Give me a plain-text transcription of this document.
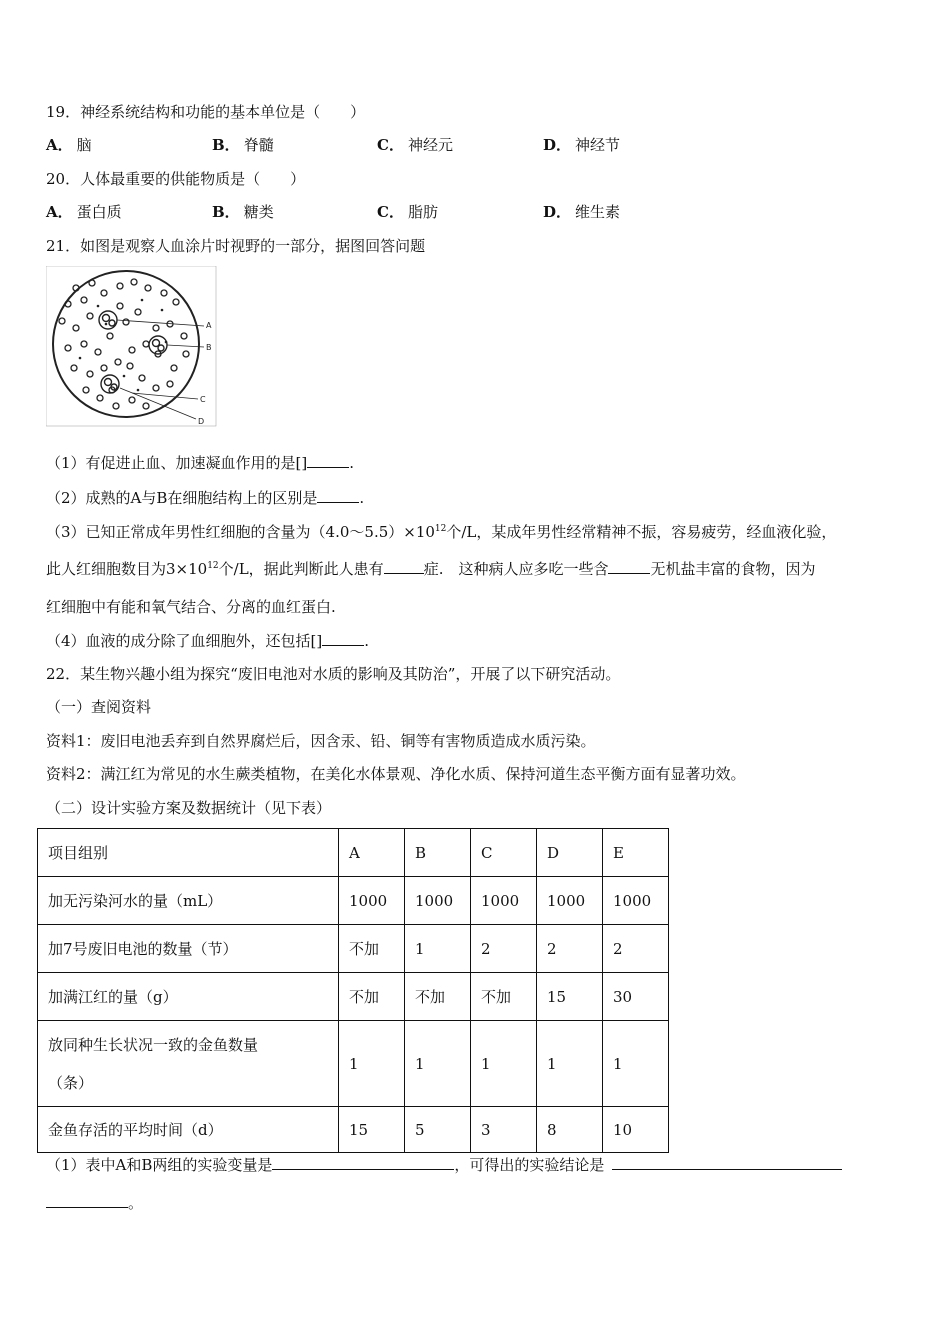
19．神经系统结构和功能的基本单位是（　　）
A． 脑	B． 脊髓	C． 神经元	D． 神经节
20．人体最重要的供能物质是（　　）
A． 蛋白质	B． 糖类	C． 脂肪	D． 维生素
21．如图是观察人血涂片时视野的一部分，据图回答问题
A
B
C
D
（1）有促进止血、加速凝血作用的是[]	.
（2）成熟的A与B在细胞结构上的区别是	.
（3）已知正常成年男性红细胞的含量为$(4.0\sim 5.5)\times 10^{12}$个/L，某成年男性经常精神不振，容易疲劳，经血液化验，
此人红细胞数目为$3\times 10^{12}$个/L，据此判断此人患有	症.　这种病人应多吃一些含	无机盐丰富的食物，因为
红细胞中有能和氧气结合、分离的血红蛋白.
（4）血液的成分除了血细胞外，还包括[]	.
22．某生物兴趣小组为探究“废旧电池对水质的影响及其防治”，开展了以下研究活动。
（一）查阅资料
资料1：废旧电池丢弃到自然界腐烂后，因含汞、铅、铜等有害物质造成水质污染。
资料2：满江红为常见的水生蕨类植物，在美化水体景观、净化水质、保持河道生态平衡方面有显著功效。
（二）设计实验方案及数据统计（见下表）
项目组别	A	B	C	D	E
加无污染河水的量（mL）	1000	1000	1000	1000	1000
加7号废旧电池的数量（节）	不加	1	2	2	2
加满江红的量（g）	不加	不加	不加	15	30

放同种生长状况一致的金鱼数量
（条）	1	1	1	1	1
金鱼存活的平均时间（d）	15	5	3	8	10
（1）表中A和B两组的实验变量是	，可得出的实验结论是
。
